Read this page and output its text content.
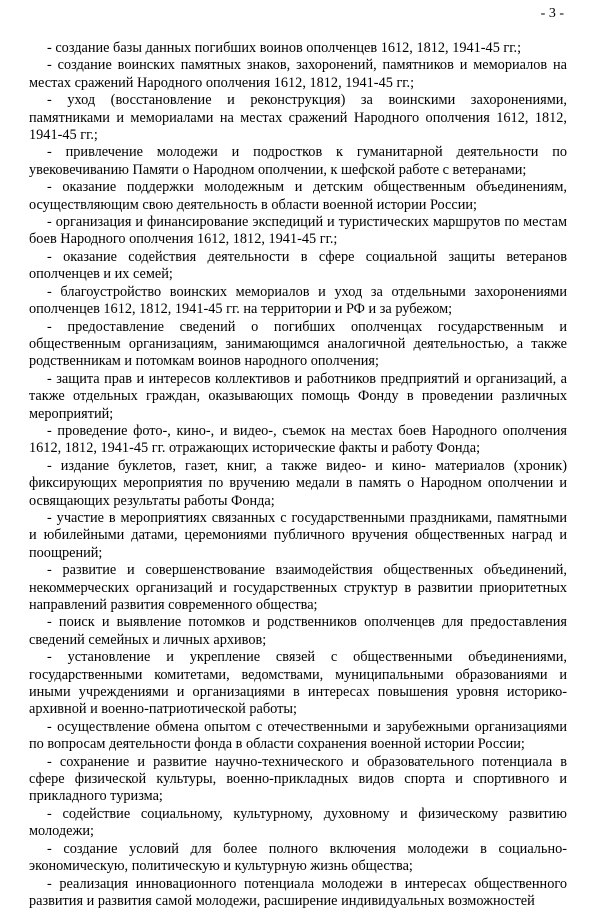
- 3 -

- создание базы данных погибших воинов ополченцев 1612, 1812, 1941-45 гг.;

- создание воинских памятных знаков, захоронений, памятников и мемориалов на местах сражений Народного ополчения 1612, 1812, 1941-45 гг.;

- уход (восстановление и реконструкция) за воинскими захоронениями, памятниками и мемориалами на местах сражений Народного ополчения 1612, 1812, 1941-45 гг.;

- привлечение молодежи и подростков к гуманитарной деятельности по увековечиванию Памяти о Народном ополчении, к шефской работе с ветеранами;

- оказание поддержки молодежным и детским общественным объединениям, осуществляющим свою деятельность в области военной истории России;

- организация и финансирование экспедиций и туристических маршрутов по местам боев Народного ополчения 1612, 1812, 1941-45 гг.;

- оказание содействия деятельности в сфере социальной защиты ветеранов ополченцев и их семей;

- благоустройство воинских мемориалов и уход за отдельными захоронениями ополченцев 1612, 1812, 1941-45 гг. на территории и РФ и за рубежом;

- предоставление сведений о погибших ополченцах государственным и общественным организациям, занимающимся аналогичной деятельностью, а также родственникам и потомкам воинов народного ополчения;

- защита прав и интересов коллективов и работников предприятий и организаций, а также отдельных граждан, оказывающих помощь Фонду в проведении различных мероприятий;

- проведение фото-, кино-, и видео-, съемок на местах боев Народного ополчения 1612, 1812, 1941-45 гг. отражающих исторические факты и работу Фонда;

- издание буклетов, газет, книг, а также видео- и кино- материалов (хроник) фиксирующих мероприятия по вручению медали в память о Народном ополчении и освящающих результаты работы Фонда;

- участие в мероприятиях связанных с государственными праздниками, памятными и юбилейными датами, церемониями публичного вручения общественных наград и поощрений;

- развитие и совершенствование взаимодействия общественных объединений, некоммерческих организаций и государственных структур в развитии приоритетных направлений развития современного общества;

- поиск и выявление потомков и родственников ополченцев для предоставления сведений семейных и личных архивов;

- установление и укрепление связей с общественными объединениями, государственными комитетами, ведомствами, муниципальными образованиями и иными учреждениями и организациями в интересах повышения уровня историко-архивной и военно-патриотической работы;

- осуществление обмена опытом с отечественными и зарубежными организациями по вопросам деятельности фонда в области сохранения военной истории России;

- сохранение и развитие научно-технического и образовательного потенциала в сфере физической культуры, военно-прикладных видов спорта и спортивного и прикладного туризма;

- содействие социальному, культурному, духовному и физическому развитию молодежи;

- создание условий для более полного включения молодежи в социально-экономическую, политическую и культурную жизнь общества;

- реализация инновационного потенциала молодежи в интересах общественного развития и развития самой молодежи, расширение индивидуальных возможностей
